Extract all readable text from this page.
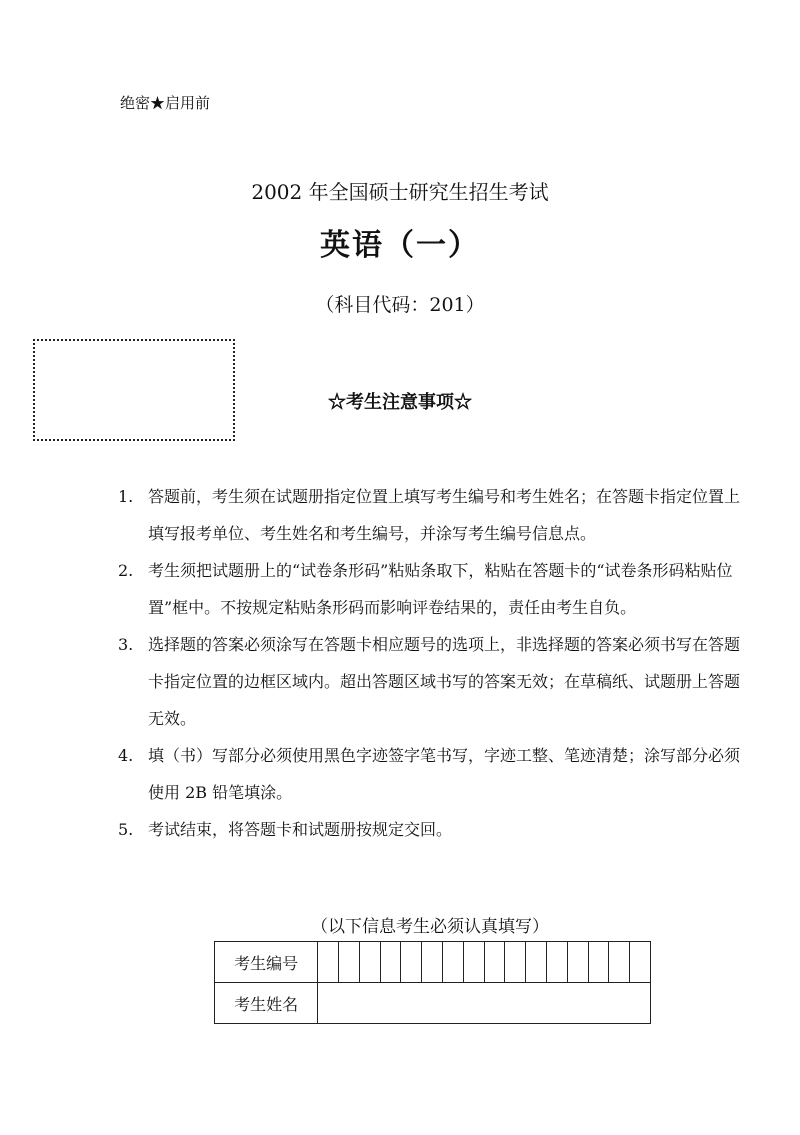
绝密★启用前
2002 年全国硕士研究生招生考试
英语（一）
（科目代码：201）
☆考生注意事项☆
1. 答题前，考生须在试题册指定位置上填写考生编号和考生姓名；在答题卡指定位置上填写报考单位、考生姓名和考生编号，并涂写考生编号信息点。
2. 考生须把试题册上的“试卷条形码”粘贴条取下，粘贴在答题卡的“试卷条形码粘贴位置”框中。不按规定粘贴条形码而影响评卷结果的，责任由考生自负。
3. 选择题的答案必须涂写在答题卡相应题号的选项上，非选择题的答案必须书写在答题卡指定位置的边框区域内。超出答题区域书写的答案无效；在草稿纸、试题册上答题无效。
4. 填（书）写部分必须使用黑色字迹签字笔书写，字迹工整、笔迹清楚；涂写部分必须使用 2B 铅笔填涂。
5. 考试结束，将答题卡和试题册按规定交回。
（以下信息考生必须认真填写）
考生编号																
考生姓名																
